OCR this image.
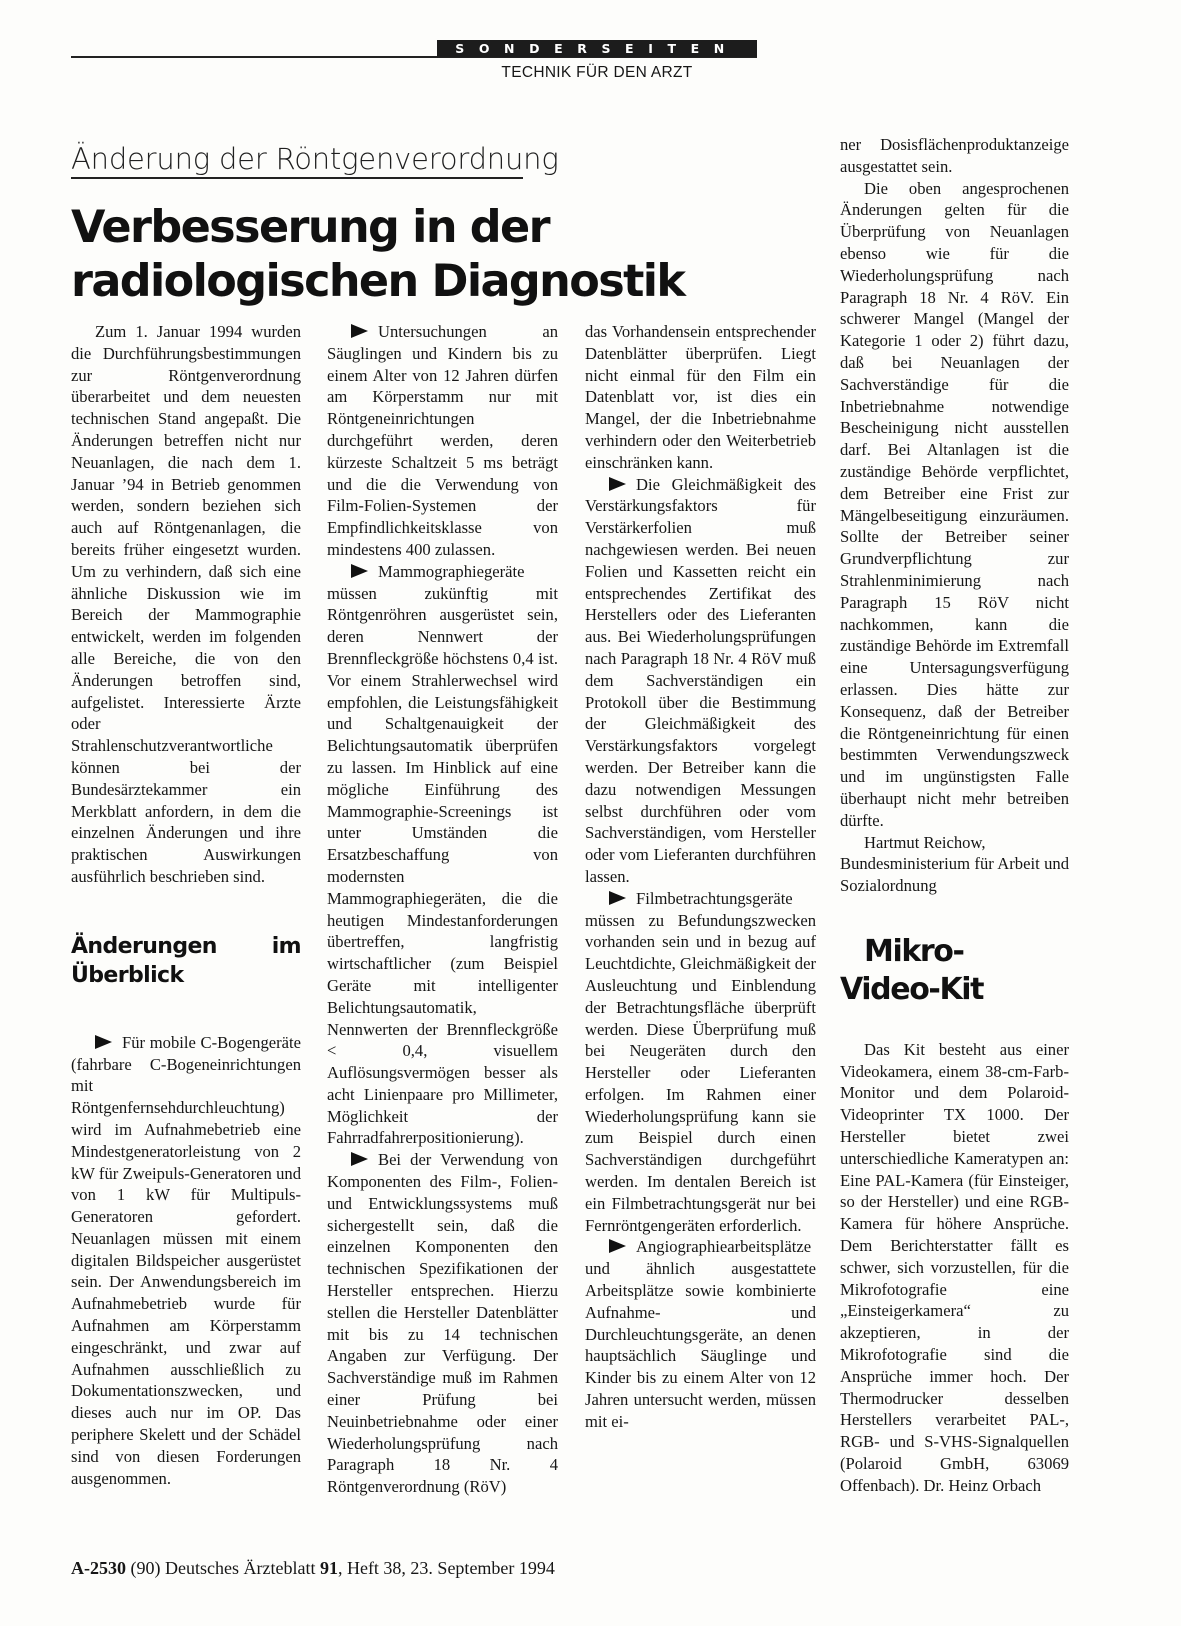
SONDERSEITEN
TECHNIK FÜR DEN ARZT
Änderung der Röntgenverordnung
Verbesserung in der radiologischen Diagnostik

Zum 1. Januar 1994 wurden die Durchführungsbestimmungen zur Röntgenverordnung überarbeitet und dem neuesten technischen Stand angepaßt. Die Änderungen betreffen nicht nur Neuanlagen, die nach dem 1. Januar ’94 in Betrieb genommen werden, sondern beziehen sich auch auf Röntgenanlagen, die bereits früher eingesetzt wurden. Um zu verhindern, daß sich eine ähnliche Diskussion wie im Bereich der Mammographie entwickelt, werden im folgenden alle Bereiche, die von den Änderungen betroffen sind, aufgelistet. Interessierte Ärzte oder Strahlenschutzverantwortliche können bei der Bundesärztekammer ein Merkblatt anfordern, in dem die einzelnen Änderungen und ihre praktischen Auswirkungen ausführlich beschrieben sind.

Änderungen im Überblick

Für mobile C-Bogengeräte (fahrbare C-Bogeneinrichtungen mit Röntgenfernsehdurchleuchtung) wird im Aufnahmebetrieb eine Mindestgeneratorleistung von 2 kW für Zweipuls-Generatoren und von 1 kW für Multipuls-Generatoren gefordert. Neuanlagen müssen mit einem digitalen Bildspeicher ausgerüstet sein. Der Anwendungsbereich im Aufnahmebetrieb wurde für Aufnahmen am Körperstamm eingeschränkt, und zwar auf Aufnahmen ausschließlich zu Dokumentationszwecken, und dieses auch nur im OP. Das periphere Skelett und der Schädel sind von diesen Forderungen ausgenommen.

Untersuchungen an Säuglingen und Kindern bis zu einem Alter von 12 Jahren dürfen am Körperstamm nur mit Röntgeneinrichtungen durchgeführt werden, deren kürzeste Schaltzeit 5 ms beträgt und die die Verwendung von Film-Folien-Systemen der Empfindlichkeitsklasse von mindestens 400 zulassen.

Mammographiegeräte müssen zukünftig mit Röntgenröhren ausgerüstet sein, deren Nennwert der Brennfleckgröße höchstens 0,4 ist. Vor einem Strahlerwechsel wird empfohlen, die Leistungsfähigkeit und Schaltgenauigkeit der Belichtungsautomatik überprüfen zu lassen. Im Hinblick auf eine mögliche Einführung des Mammographie-Screenings ist unter Umständen die Ersatzbeschaffung von modernsten Mammographiegeräten, die die heutigen Mindestanforderungen übertreffen, langfristig wirtschaftlicher (zum Beispiel Geräte mit intelligenter Belichtungsautomatik, Nennwerten der Brennfleckgröße < 0,4, visuellem Auflösungsvermögen besser als acht Linienpaare pro Millimeter, Möglichkeit der Fahrradfahrerpositionierung).

Bei der Verwendung von Komponenten des Film-, Folien- und Entwicklungssystems muß sichergestellt sein, daß die einzelnen Komponenten den technischen Spezifikationen der Hersteller entsprechen. Hierzu stellen die Hersteller Datenblätter mit bis zu 14 technischen Angaben zur Verfügung. Der Sachverständige muß im Rahmen einer Prüfung bei Neuinbetriebnahme oder einer Wiederholungsprüfung nach Paragraph 18 Nr. 4 Röntgenverordnung (RöV)

das Vorhandensein entsprechender Datenblätter überprüfen. Liegt nicht einmal für den Film ein Datenblatt vor, ist dies ein Mangel, der die Inbetriebnahme verhindern oder den Weiterbetrieb einschränken kann.

Die Gleichmäßigkeit des Verstärkungsfaktors für Verstärkerfolien muß nachgewiesen werden. Bei neuen Folien und Kassetten reicht ein entsprechendes Zertifikat des Herstellers oder des Lieferanten aus. Bei Wiederholungsprüfungen nach Paragraph 18 Nr. 4 RöV muß dem Sachverständigen ein Protokoll über die Bestimmung der Gleichmäßigkeit des Verstärkungsfaktors vorgelegt werden. Der Betreiber kann die dazu notwendigen Messungen selbst durchführen oder vom Sachverständigen, vom Hersteller oder vom Lieferanten durchführen lassen.

Filmbetrachtungsgeräte müssen zu Befundungszwecken vorhanden sein und in bezug auf Leuchtdichte, Gleichmäßigkeit der Ausleuchtung und Einblendung der Betrachtungsfläche überprüft werden. Diese Überprüfung muß bei Neugeräten durch den Hersteller oder Lieferanten erfolgen. Im Rahmen einer Wiederholungsprüfung kann sie zum Beispiel durch einen Sachverständigen durchgeführt werden. Im dentalen Bereich ist ein Filmbetrachtungsgerät nur bei Fernröntgengeräten erforderlich.

Angiographiearbeitsplätze und ähnlich ausgestattete Arbeitsplätze sowie kombinierte Aufnahme- und Durchleuchtungsgeräte, an denen hauptsächlich Säuglinge und Kinder bis zu einem Alter von 12 Jahren untersucht werden, müssen mit ei-

ner Dosisflächenproduktanzeige ausgestattet sein.

Die oben angesprochenen Änderungen gelten für die Überprüfung von Neuanlagen ebenso wie für die Wiederholungsprüfung nach Paragraph 18 Nr. 4 RöV. Ein schwerer Mangel (Mangel der Kategorie 1 oder 2) führt dazu, daß bei Neuanlagen der Sachverständige für die Inbetriebnahme notwendige Bescheinigung nicht ausstellen darf. Bei Altanlagen ist die zuständige Behörde verpflichtet, dem Betreiber eine Frist zur Mängelbeseitigung einzuräumen. Sollte der Betreiber seiner Grundverpflichtung zur Strahlenminimierung nach Paragraph 15 RöV nicht nachkommen, kann die zuständige Behörde im Extremfall eine Untersagungsverfügung erlassen. Dies hätte zur Konsequenz, daß der Betreiber die Röntgeneinrichtung für einen bestimmten Verwendungszweck und im ungünstigsten Falle überhaupt nicht mehr betreiben dürfte.

Hartmut Reichow,

Bundesministerium für Arbeit und Sozialordnung

Mikro-Video-Kit

Das Kit besteht aus einer Videokamera, einem 38-cm-Farb-Monitor und dem Polaroid-Videoprinter TX 1000. Der Hersteller bietet zwei unterschiedliche Kameratypen an: Eine PAL-Kamera (für Einsteiger, so der Hersteller) und eine RGB-Kamera für höhere Ansprüche. Dem Berichterstatter fällt es schwer, sich vorzustellen, für die Mikrofotografie eine „Einsteigerkamera“ zu akzeptieren, in der Mikrofotografie sind die Ansprüche immer hoch. Der Thermodrucker desselben Herstellers verarbeitet PAL-, RGB- und S-VHS-Signalquellen (Polaroid GmbH, 63069 Offenbach). Dr. Heinz Orbach

A-2530 (90) Deutsches Ärzteblatt 91, Heft 38, 23. September 1994
